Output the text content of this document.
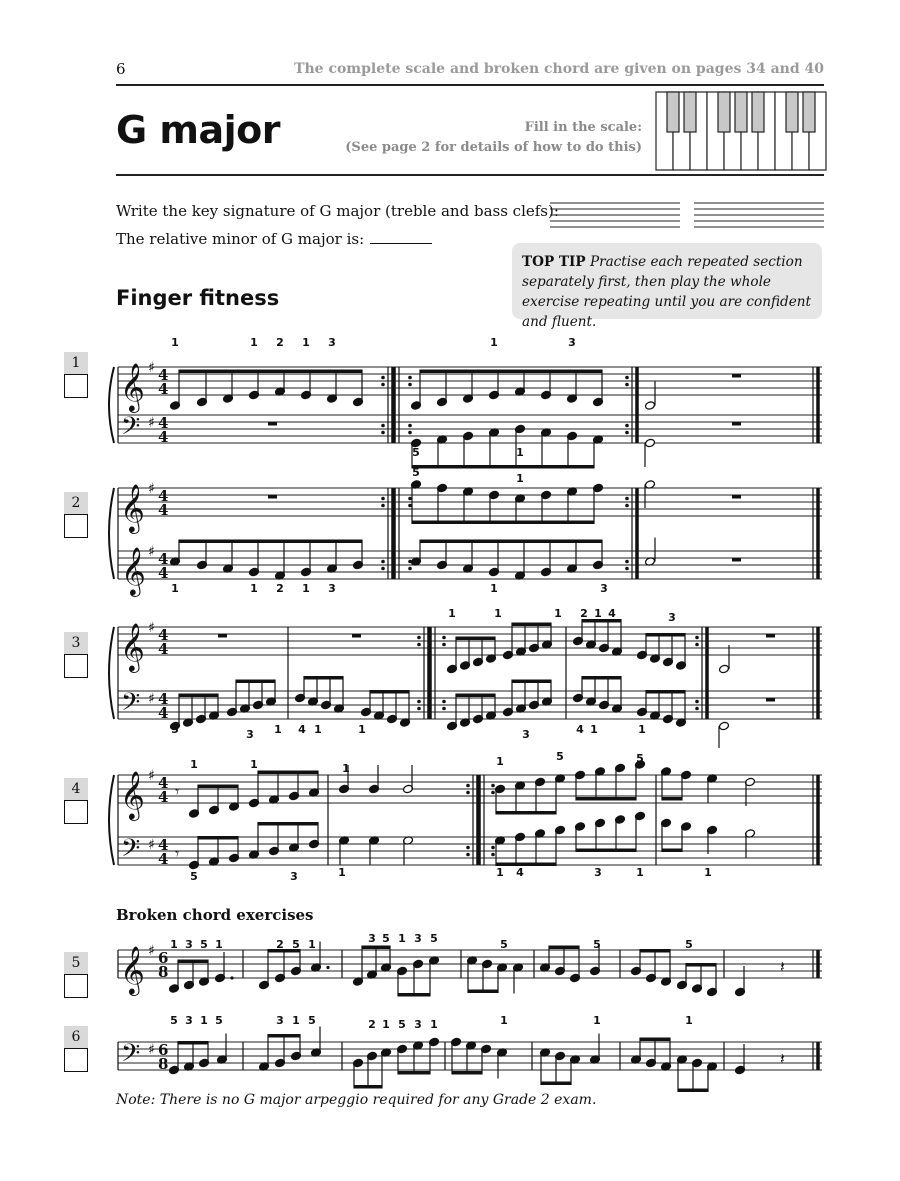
6	The complete scale and broken chord are given on pages 34 and 40
G major	Fill in the scale:
(See page 2 for details of how to do this)
Write the key signature of G major (treble and bass clefs):
The relative minor of G major is:
TOP TIP Practise each repeated section separately first, then play the whole exercise repeating until you are confident and fluent.
Finger fitness
Broken chord exercises
1
2
3
4
5
6
𝄞
𝄢
♯
♯
4
4
4
4
1	1 2 1 3	1	3
5	1
𝄞
𝄞
♯
♯
4
4
4
4
5	1
1	1 2 1 3	1	3
𝄞
𝄢
♯
♯
4
4
4
4
1	1	1 2 1 4	3
5	3 1 4 1	1	3	4 1	1
𝄞
𝄢
♯
♯
4
4
4
4
𝄾
𝄾
1	1	1
1	5	5
5	3	1	1 4	3	1	1
𝄞 ♯ 6
8	𝄽
1 3 5 1	2 5 1	3 5 1 3 5	5	5	5
𝄢 ♯ 6
8	𝄽
5 3 1 5	3 1 5	2 1 5 3 1	1	1	1
Note: There is no G major arpeggio required for any Grade 2 exam.
